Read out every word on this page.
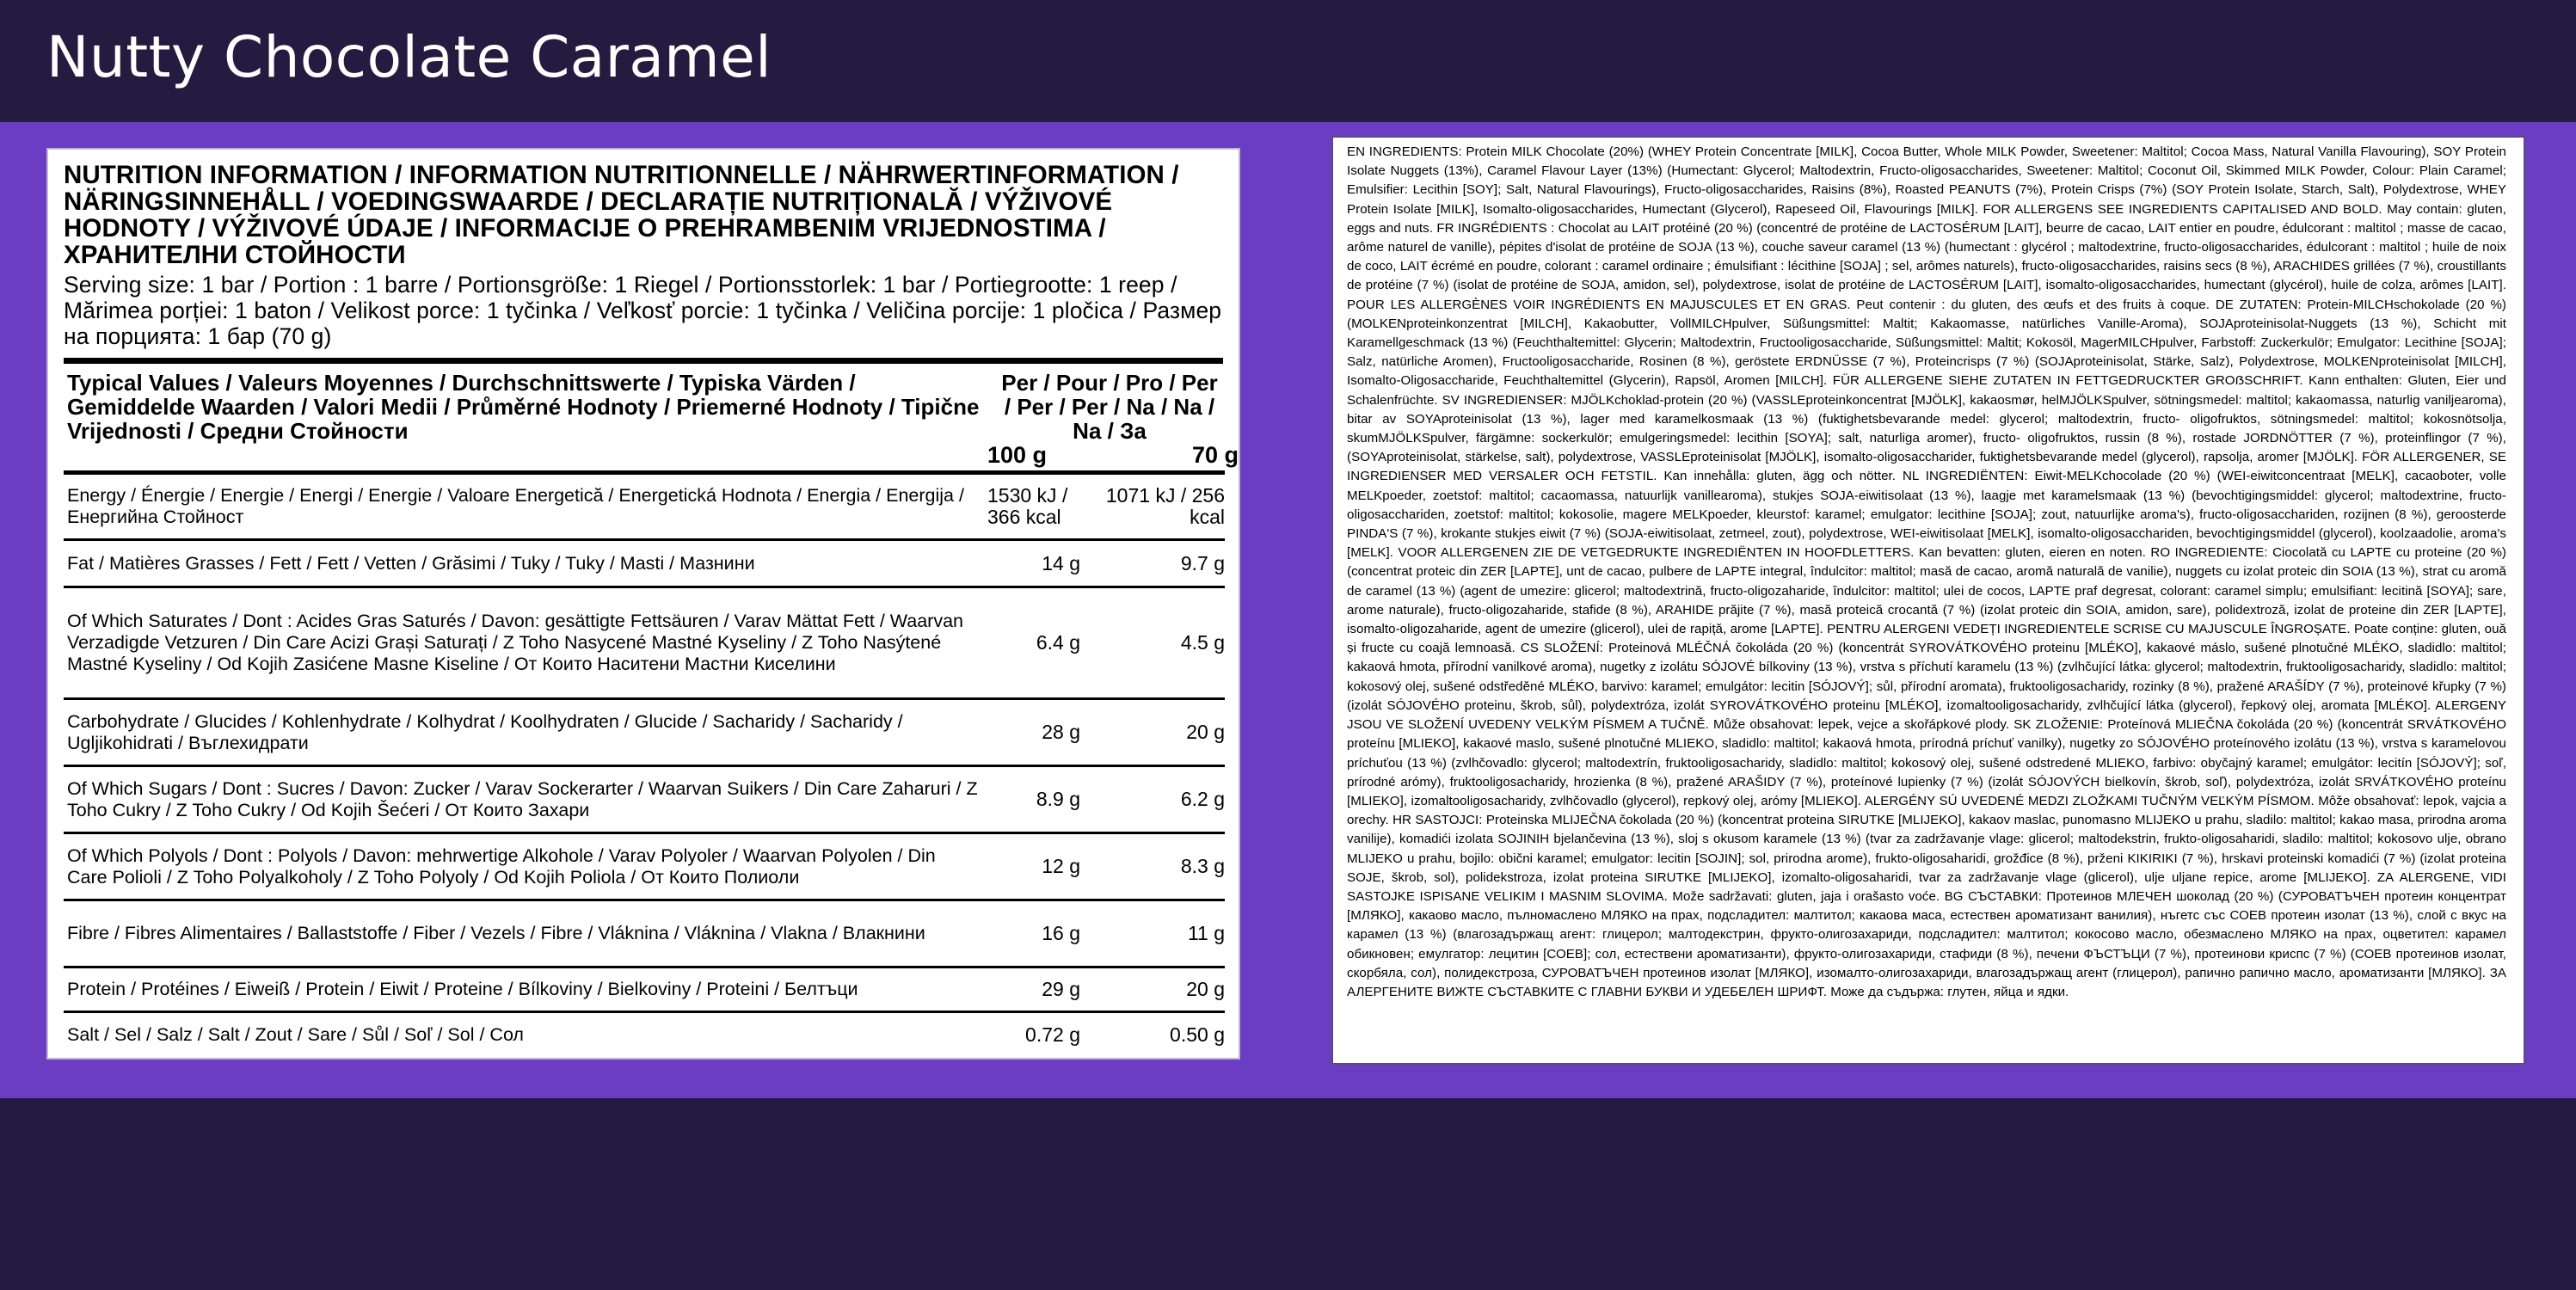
Nutty Chocolate Caramel
NUTRITION INFORMATION / INFORMATION NUTRITIONNELLE / NÄHRWERTINFORMATION / NÄRINGSINNEHÅLL / VOEDINGSWAARDE / DECLARAȚIE NUTRIȚIONALĂ / VÝŽIVOVÉ HODNOTY / VÝŽIVOVÉ ÚDAJE / INFORMACIJE O PREHRAMBENIM VRIJEDNOSTIMA / ХРАНИТЕЛНИ СТОЙНОСТИ
Serving size: 1 bar / Portion : 1 barre / Portionsgröße: 1 Riegel / Portionsstorlek: 1 bar / Portiegrootte: 1 reep / Mărimea porției: 1 baton / Velikost porce: 1 tyčinka / Veľkosť porcie: 1 tyčinka / Veličina porcije: 1 pločica / Размер на порцията: 1 бар (70 g)
Typical Values / Valeurs Moyennes / Durchschnittswerte / Typiska Värden / Gemiddelde Waarden / Valori Medii / Průměrné Hodnoty / Priemerné Hodnoty / Tipične Vrijednosti / Средни Стойности	Per / Pour / Pro / Per / Per / Per / Na / Na / Na / За
100 g 70 g	

Energy / Énergie / Energie / Energi / Energie / Valoare Energetică / Energetická Hodnota / Energia / Energija / Енергийна Стойност	1530 kJ / 366 kcal	1071 kJ / 256 kcal
Fat / Matières Grasses / Fett / Fett / Vetten / Grăsimi / Tuky / Tuky / Masti / Мазнини	14 g	9.7 g
Of Which Saturates / Dont : Acides Gras Saturés / Davon: gesättigte Fettsäuren / Varav Mättat Fett / Waarvan Verzadigde Vetzuren / Din Care Acizi Grași Saturați / Z Toho Nasycené Mastné Kyseliny / Z Toho Nasýtené Mastné Kyseliny / Od Kojih Zasićene Masne Kiseline / От Които Наситени Мастни Киселини	6.4 g	4.5 g
Carbohydrate / Glucides / Kohlenhydrate / Kolhydrat / Koolhydraten / Glucide / Sacharidy / Sacharidy / Ugljikohidrati / Въглехидрати	28 g	20 g
Of Which Sugars / Dont : Sucres / Davon: Zucker / Varav Sockerarter / Waarvan Suikers / Din Care Zaharuri / Z Toho Cukry / Z Toho Cukry / Od Kojih Šećeri / От Които Захари	8.9 g	6.2 g
Of Which Polyols / Dont : Polyols / Davon: mehrwertige Alkohole / Varav Polyoler / Waarvan Polyolen / Din Care Polioli / Z Toho Polyalkoholy / Z Toho Polyoly / Od Kojih Poliola / От Които Полиоли	12 g	8.3 g
Fibre / Fibres Alimentaires / Ballaststoffe / Fiber / Vezels / Fibre / Vláknina / Vláknina / Vlakna / Влакнини	16 g	11 g
Protein / Protéines / Eiweiß / Protein / Eiwit / Proteine / Bílkoviny / Bielkoviny / Proteini / Белтъци	29 g	20 g
Salt / Sel / Salz / Salt / Zout / Sare / Sůl / Soľ / Sol / Сол	0.72 g	0.50 g

EN INGREDIENTS: Protein MILK Chocolate (20%) (WHEY Protein Concentrate [MILK], Cocoa Butter, Whole MILK Powder, Sweetener: Maltitol; Cocoa Mass, Natural Vanilla Flavouring), SOY Protein Isolate Nuggets (13%), Caramel Flavour Layer (13%) (Humectant: Glycerol; Maltodextrin, Fructo-oligosaccharides, Sweetener: Maltitol; Coconut Oil, Skimmed MILK Powder, Colour: Plain Caramel; Emulsifier: Lecithin [SOY]; Salt, Natural Flavourings), Fructo-oligosaccharides, Raisins (8%), Roasted PEANUTS (7%), Protein Crisps (7%) (SOY Protein Isolate, Starch, Salt), Polydextrose, WHEY Protein Isolate [MILK], Isomalto-oligosaccharides, Humectant (Glycerol), Rapeseed Oil, Flavourings [MILK]. FOR ALLERGENS SEE INGREDIENTS CAPITALISED AND BOLD. May contain: gluten, eggs and nuts. FR INGRÉDIENTS : Chocolat au LAIT protéiné (20 %) (concentré de protéine de LACTOSÉRUM [LAIT], beurre de cacao, LAIT entier en poudre, édulcorant : maltitol ; masse de cacao, arôme naturel de vanille), pépites d'isolat de protéine de SOJA (13 %), couche saveur caramel (13 %) (humectant : glycérol ; maltodextrine, fructo-oligosaccharides, édulcorant : maltitol ; huile de noix de coco, LAIT écrémé en poudre, colorant : caramel ordinaire ; émulsifiant : lécithine [SOJA] ; sel, arômes naturels), fructo-oligosaccharides, raisins secs (8 %), ARACHIDES grillées (7 %), croustillants de protéine (7 %) (isolat de protéine de SOJA, amidon, sel), polydextrose, isolat de protéine de LACTOSÉRUM [LAIT], isomalto-oligosaccharides, humectant (glycérol), huile de colza, arômes [LAIT]. POUR LES ALLERGÈNES VOIR INGRÉDIENTS EN MAJUSCULES ET EN GRAS. Peut contenir : du gluten, des œufs et des fruits à coque. DE ZUTATEN: Protein-MILCHschokolade (20 %) (MOLKENproteinkonzentrat [MILCH], Kakaobutter, VollMILCHpulver, Süßungsmittel: Maltit; Kakaomasse, natürliches Vanille-Aroma), SOJAproteinisolat-Nuggets (13 %), Schicht mit Karamellgeschmack (13 %) (Feuchthaltemittel: Glycerin; Maltodextrin, Fructooligosaccharide, Süßungsmittel: Maltit; Kokosöl, MagerMILCHpulver, Farbstoff: Zuckerkulör; Emulgator: Lecithine [SOJA]; Salz, natürliche Aromen), Fructooligosaccharide, Rosinen (8 %), geröstete ERDNÜSSE (7 %), Proteincrisps (7 %) (SOJAproteinisolat, Stärke, Salz), Polydextrose, MOLKENproteinisolat [MILCH], Isomalto-Oligosaccharide, Feuchthaltemittel (Glycerin), Rapsöl, Aromen [MILCH]. FÜR ALLERGENE SIEHE ZUTATEN IN FETTGEDRUCKTER GROẞSCHRIFT. Kann enthalten: Gluten, Eier und Schalenfrüchte. SV INGREDIENSER: MJÖLKchoklad-protein (20 %) (VASSLEproteinkoncentrat [MJÖLK], kakaosmør, helMJÖLKSpulver, sötningsmedel: maltitol; kakaomassa, naturlig vaniljearoma), bitar av SOYAproteinisolat (13 %), lager med karamelkosmaak (13 %) (fuktighetsbevarande medel: glycerol; maltodextrin, fructo- oligofruktos, sötningsmedel: maltitol; kokosnötsolja, skumMJÖLKSpulver, färgämne: sockerkulör; emulgeringsmedel: lecithin [SOYA]; salt, naturliga aromer), fructo- oligofruktos, russin (8 %), rostade JORDNÖTTER (7 %), proteinflingor (7 %), (SOYAproteinisolat, stärkelse, salt), polydextrose, VASSLEproteinisolat [MJÖLK], isomalto-oligosaccharider, fuktighetsbevarande medel (glycerol), rapsolja, aromer [MJÖLK]. FÖR ALLERGENER, SE INGREDIENSER MED VERSALER OCH FETSTIL. Kan innehålla: gluten, ägg och nötter. NL INGREDIËNTEN: Eiwit-MELKchocolade (20 %) (WEI-eiwitconcentraat [MELK], cacaoboter, volle MELKpoeder, zoetstof: maltitol; cacaomassa, natuurlijk vanillearoma), stukjes SOJA-eiwitisolaat (13 %), laagje met karamelsmaak (13 %) (bevochtigingsmiddel: glycerol; maltodextrine, fructo-oligosacchariden, zoetstof: maltitol; kokosolie, magere MELKpoeder, kleurstof: karamel; emulgator: lecithine [SOJA]; zout, natuurlijke aroma's), fructo-oligosacchariden, rozijnen (8 %), geroosterde PINDA'S (7 %), krokante stukjes eiwit (7 %) (SOJA-eiwitisolaat, zetmeel, zout), polydextrose, WEI-eiwitisolaat [MELK], isomalto-oligosacchariden, bevochtigingsmiddel (glycerol), koolzaadolie, aroma's [MELK]. VOOR ALLERGENEN ZIE DE VETGEDRUKTE INGREDIËNTEN IN HOOFDLETTERS. Kan bevatten: gluten, eieren en noten. RO INGREDIENTE: Ciocolată cu LAPTE cu proteine (20 %) (concentrat proteic din ZER [LAPTE], unt de cacao, pulbere de LAPTE integral, îndulcitor: maltitol; masă de cacao, aromă naturală de vanilie), nuggets cu izolat proteic din SOIA (13 %), strat cu aromă de caramel (13 %) (agent de umezire: glicerol; maltodextrină, fructo-oligozaharide, îndulcitor: maltitol; ulei de cocos, LAPTE praf degresat, colorant: caramel simplu; emulsifiant: lecitină [SOYA]; sare, arome naturale), fructo-oligozaharide, stafide (8 %), ARAHIDE prăjite (7 %), masă proteică crocantă (7 %) (izolat proteic din SOIA, amidon, sare), polidextroză, izolat de proteine din ZER [LAPTE], isomalto-oligozaharide, agent de umezire (glicerol), ulei de rapiță, arome [LAPTE]. PENTRU ALERGENI VEDEȚI INGREDIENTELE SCRISE CU MAJUSCULE ÎNGROȘATE. Poate conține: gluten, ouă și fructe cu coajă lemnoasă. CS SLOŽENÍ: Proteinová MLÉČNÁ čokoláda (20 %) (koncentrát SYROVÁTKOVÉHO proteinu [MLÉKO], kakaové máslo, sušené plnotučné MLÉKO, sladidlo: maltitol; kakaová hmota, přírodní vanilkové aroma), nugetky z izolátu SÓJOVÉ bílkoviny (13 %), vrstva s příchutí karamelu (13 %) (zvlhčující látka: glycerol; maltodextrin, fruktooligosacharidy, sladidlo: maltitol; kokosový olej, sušené odstředěné MLÉKO, barvivo: karamel; emulgátor: lecitin [SÓJOVÝ]; sůl, přírodní aromata), fruktooligosacharidy, rozinky (8 %), pražené ARAŠÍDY (7 %), proteinové křupky (7 %) (izolát SÓJOVÉHO proteinu, škrob, sůl), polydextróza, izolát SYROVÁTKOVÉHO proteinu [MLÉKO], izomaltooligosacharidy, zvlhčující látka (glycerol), řepkový olej, aromata [MLÉKO]. ALERGENY JSOU VE SLOŽENÍ UVEDENY VELKÝM PÍSMEM A TUČNĚ. Může obsahovat: lepek, vejce a skořápkové plody. SK ZLOŽENIE: Proteínová MLIEČNA čokoláda (20 %) (koncentrát SRVÁTKOVÉHO proteínu [MLIEKO], kakaové maslo, sušené plnotučné MLIEKO, sladidlo: maltitol; kakaová hmota, prírodná príchuť vanilky), nugetky zo SÓJOVÉHO proteínového izolátu (13 %), vrstva s karamelovou príchuťou (13 %) (zvlhčovadlo: glycerol; maltodextrín, fruktooligosacharidy, sladidlo: maltitol; kokosový olej, sušené odstredené MLIEKO, farbivo: obyčajný karamel; emulgátor: lecitín [SÓJOVÝ]; soľ, prírodné arómy), fruktooligosacharidy, hrozienka (8 %), pražené ARAŠIDY (7 %), proteínové lupienky (7 %) (izolát SÓJOVÝCH bielkovín, škrob, soľ), polydextróza, izolát SRVÁTKOVÉHO proteínu [MLIEKO], izomaltooligosacharidy, zvlhčovadlo (glycerol), repkový olej, arómy [MLIEKO]. ALERGÉNY SÚ UVEDENÉ MEDZI ZLOŽKAMI TUČNÝM VEĽKÝM PÍSMOM. Môže obsahovať: lepok, vajcia a orechy. HR SASTOJCI: Proteinska MLIJEČNA čokolada (20 %) (koncentrat proteina SIRUTKE [MLIJEKO], kakaov maslac, punomasno MLIJEKO u prahu, sladilo: maltitol; kakao masa, prirodna aroma vanilije), komadići izolata SOJINIH bjelančevina (13 %), sloj s okusom karamele (13 %) (tvar za zadržavanje vlage: glicerol; maltodekstrin, frukto-oligosaharidi, sladilo: maltitol; kokosovo ulje, obrano MLIJEKO u prahu, bojilo: obični karamel; emulgator: lecitin [SOJIN]; sol, prirodna arome), frukto-oligosaharidi, grožđice (8 %), prženi KIKIRIKI (7 %), hrskavi proteinski komadići (7 %) (izolat proteina SOJE, škrob, sol), polidekstroza, izolat proteina SIRUTKE [MLIJEKO], izomalto-oligosaharidi, tvar za zadržavanje vlage (glicerol), ulje uljane repice, arome [MLIJEKO]. ZA ALERGENE, VIDI SASTOJKE ISPISANE VELIKIM I MASNIM SLOVIMA. Može sadržavati: gluten, jaja i orašasto voće. BG СЪСТАВКИ: Протеинов МЛЕЧЕН шоколад (20 %) (СУРОВАТЪЧЕН протеин концентрат [МЛЯКО], какаово масло, пълномаслено МЛЯКО на прах, подсладител: малтитол; какаова маса, естествен ароматизант ванилия), нъгетс със СОЕВ протеин изолат (13 %), слой с вкус на карамел (13 %) (влагозадържащ агент: глицерол; малтодекстрин, фрукто-олигозахариди, подсладител: малтитол; кокосово масло, обезмаслено МЛЯКО на прах, оцветител: карамел обикновен; емулгатор: лецитин [СОЕВ]; сол, естествени ароматизанти), фрукто-олигозахариди, стафиди (8 %), печени ФЪСТЪЦИ (7 %), протеинови криспс (7 %) (СОЕВ протеинов изолат, скорбяла, сол), полидекстроза, СУРОВАТЪЧЕН протеинов изолат [МЛЯКО], изомалто-олигозахариди, влагозадържащ агент (глицерол), рапично рапично масло, ароматизанти [МЛЯКО]. ЗА АЛЕРГЕНИТЕ ВИЖТЕ СЪСТАВКИТЕ С ГЛАВНИ БУКВИ И УДЕБЕЛЕН ШРИФТ. Може да съдържа: глутен, яйца и ядки.
